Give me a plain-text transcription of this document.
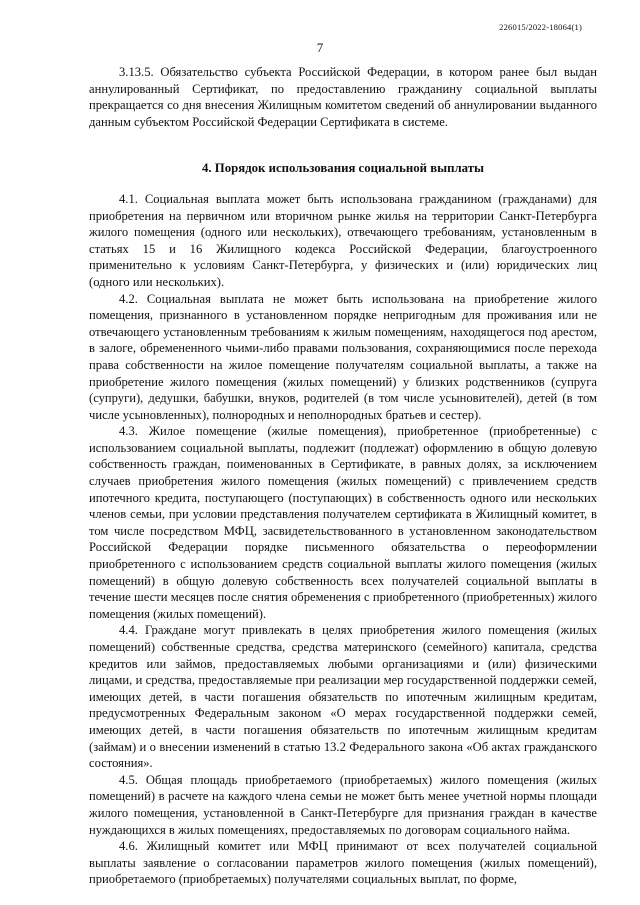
226015/2022-18064(1)
7

3.13.5. Обязательство субъекта Российской Федерации, в котором ранее был выдан аннулированный Сертификат, по предоставлению гражданину социальной выплаты прекращается со дня внесения Жилищным комитетом сведений об аннулировании выданного данным субъектом Российской Федерации Сертификата в системе.

4. Порядок использования социальной выплаты

4.1. Социальная выплата может быть использована гражданином (гражданами) для приобретения на первичном или вторичном рынке жилья на территории Санкт-Петербурга жилого помещения (одного или нескольких), отвечающего требованиям, установленным в статьях 15 и 16 Жилищного кодекса Российской Федерации, благоустроенного применительно к условиям Санкт-Петербурга, у физических и (или) юридических лиц (одного или нескольких).

4.2. Социальная выплата не может быть использована на приобретение жилого помещения, признанного в установленном порядке непригодным для проживания или не отвечающего установленным требованиям к жилым помещениям, находящегося под арестом, в залоге, обремененного чьими-либо правами пользования, сохраняющимися после перехода права собственности на жилое помещение получателям социальной выплаты, а также на приобретение жилого помещения (жилых помещений) у близких родственников (супруга (супруги), дедушки, бабушки, внуков, родителей (в том числе усыновителей), детей (в том числе усыновленных), полнородных и неполнородных братьев и сестер).

4.3. Жилое помещение (жилые помещения), приобретенное (приобретенные) с использованием социальной выплаты, подлежит (подлежат) оформлению в общую долевую собственность граждан, поименованных в Сертификате, в равных долях, за исключением случаев приобретения жилого помещения (жилых помещений) с привлечением средств ипотечного кредита, поступающего (поступающих) в собственность одного или нескольких членов семьи, при условии представления получателем сертификата в Жилищный комитет, в том числе посредством МФЦ, засвидетельствованного в установленном законодательством Российской Федерации порядке письменного обязательства о переоформлении приобретенного с использованием средств социальной выплаты жилого помещения (жилых помещений) в общую долевую собственность всех получателей социальной выплаты в течение шести месяцев после снятия обременения с приобретенного (приобретенных) жилого помещения (жилых помещений).

4.4. Граждане могут привлекать в целях приобретения жилого помещения (жилых помещений) собственные средства, средства материнского (семейного) капитала, средства кредитов или займов, предоставляемых любыми организациями и (или) физическими лицами, и средства, предоставляемые при реализации мер государственной поддержки семей, имеющих детей, в части погашения обязательств по ипотечным жилищным кредитам, предусмотренных Федеральным законом «О мерах государственной поддержки семей, имеющих детей, в части погашения обязательств по ипотечным жилищным кредитам (займам) и о внесении изменений в статью 13.2 Федерального закона «Об актах гражданского состояния».

4.5. Общая площадь приобретаемого (приобретаемых) жилого помещения (жилых помещений) в расчете на каждого члена семьи не может быть менее учетной нормы площади жилого помещения, установленной в Санкт-Петербурге для признания граждан в качестве нуждающихся в жилых помещениях, предоставляемых по договорам социального найма.

4.6. Жилищный комитет или МФЦ принимают от всех получателей социальной выплаты заявление о согласовании параметров жилого помещения (жилых помещений), приобретаемого (приобретаемых) получателями социальных выплат, по форме,
